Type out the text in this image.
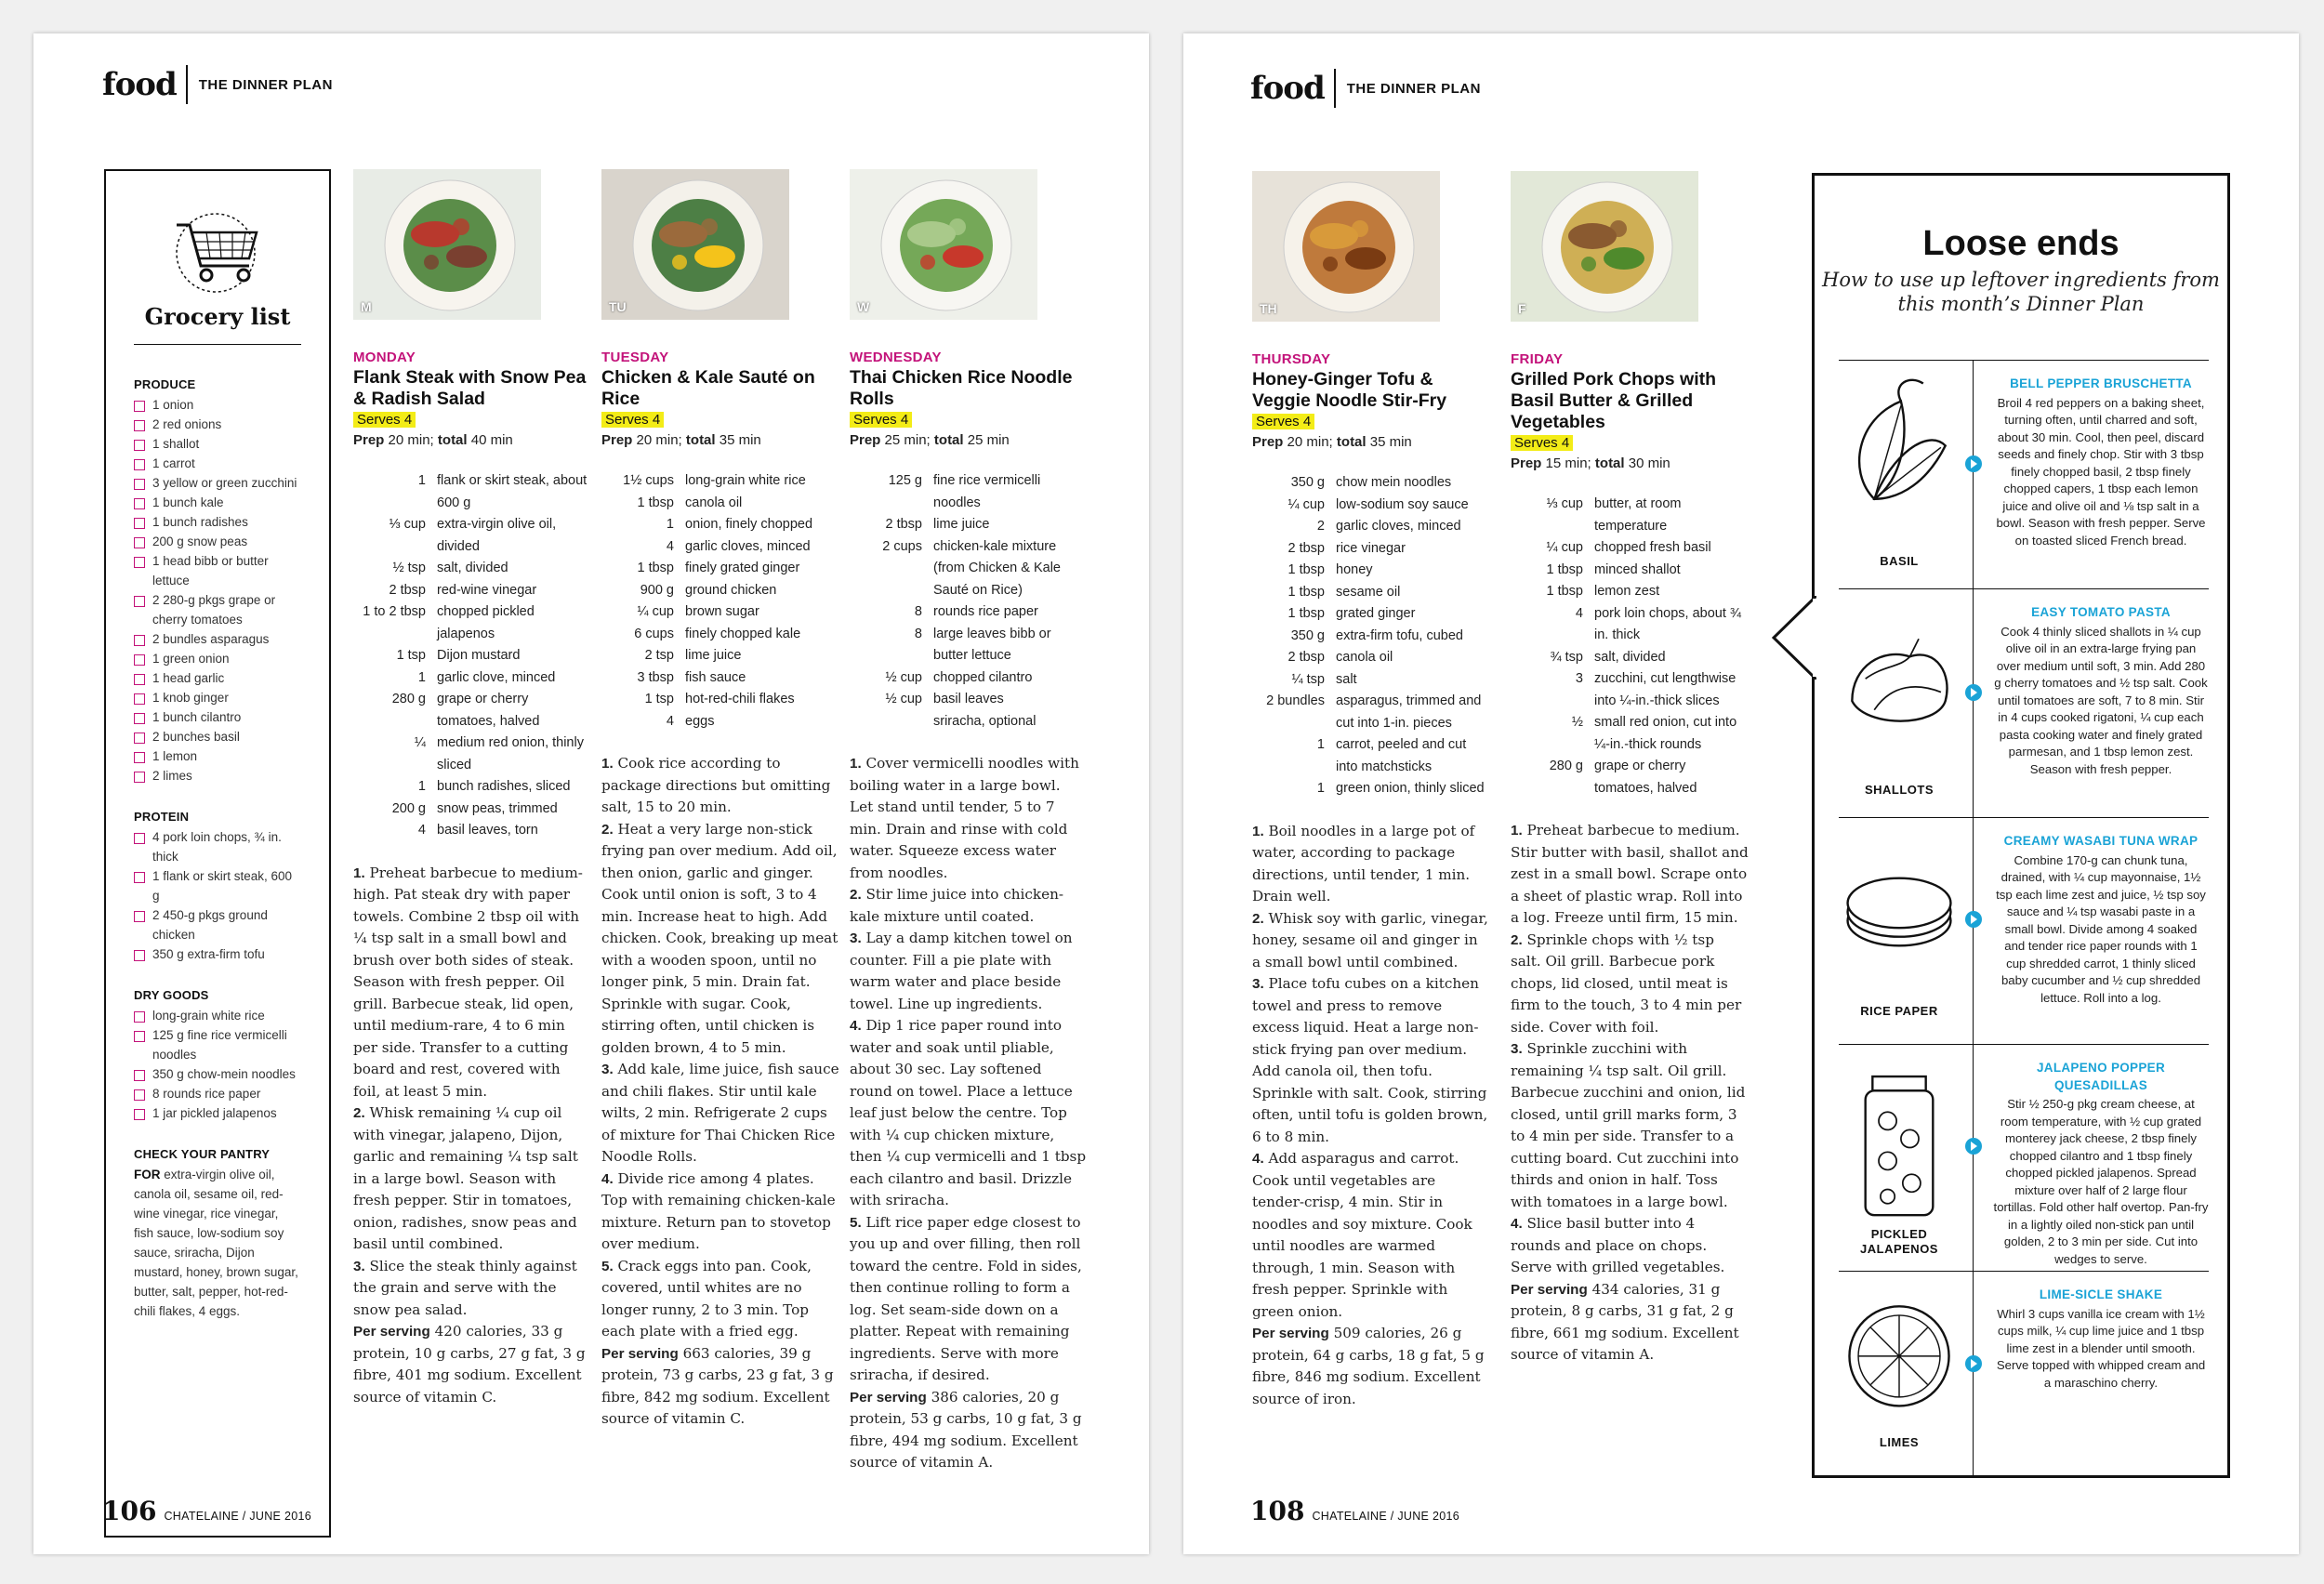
food THE DINNER PLAN
Grocery list
PRODUCE
1 onion
2 red onions
1 shallot
1 carrot
3 yellow or green zucchini
1 bunch kale
1 bunch radishes
200 g snow peas
1 head bibb or butter lettuce
2 280-g pkgs grape or cherry tomatoes
2 bundles asparagus
1 green onion
1 head garlic
1 knob ginger
1 bunch cilantro
2 bunches basil
1 lemon
2 limes
PROTEIN
4 pork loin chops, ¾ in. thick
1 flank or skirt steak, 600 g
2 450-g pkgs ground chicken
350 g extra-firm tofu
DRY GOODS
long-grain white rice
125 g fine rice vermicelli noodles
350 g chow-mein noodles
8 rounds rice paper
1 jar pickled jalapenos
CHECK YOUR PANTRY
FOR extra-virgin olive oil, canola oil, sesame oil, red-wine vinegar, rice vinegar, fish sauce, low-sodium soy sauce, sriracha, Dijon mustard, honey, brown sugar, butter, salt, pepper, hot-red-chili flakes, 4 eggs.
M
MONDAY
Flank Steak with Snow Pea & Radish Salad
Serves 4
Prep 20 min; total 40 min
1 flank or skirt steak, about 600 g
⅓ cup extra-virgin olive oil, divided
½ tsp salt, divided
2 tbsp red-wine vinegar
1 to 2 tbsp chopped pickled jalapenos
1 tsp Dijon mustard
1 garlic clove, minced
280 g grape or cherry tomatoes, halved
¼ medium red onion, thinly sliced
1 bunch radishes, sliced
200 g snow peas, trimmed
4 basil leaves, torn
1. Preheat barbecue to medium-high. Pat steak dry with paper towels. Combine 2 tbsp oil with ¼ tsp salt in a small bowl and brush over both sides of steak. Season with fresh pepper. Oil grill. Barbecue steak, lid open, until medium-rare, 4 to 6 min per side. Transfer to a cutting board and rest, covered with foil, at least 5 min.
2. Whisk remaining ¼ cup oil with vinegar, jalapeno, Dijon, garlic and remaining ¼ tsp salt in a large bowl. Season with fresh pepper. Stir in tomatoes, onion, radishes, snow peas and basil until combined.
3. Slice the steak thinly against the grain and serve with the snow pea salad.
Per serving 420 calories, 33 g protein, 10 g carbs, 27 g fat, 3 g fibre, 401 mg sodium. Excellent source of vitamin C.
TU
TUESDAY
Chicken & Kale Sauté on Rice
Serves 4
Prep 20 min; total 35 min
1½ cups long-grain white rice
1 tbsp canola oil
1 onion, finely chopped
4 garlic cloves, minced
1 tbsp finely grated ginger
900 g ground chicken
¼ cup brown sugar
6 cups finely chopped kale
2 tsp lime juice
3 tbsp fish sauce
1 tsp hot-red-chili flakes
4 eggs
1. Cook rice according to package directions but omitting salt, 15 to 20 min.
2. Heat a very large non-stick frying pan over medium. Add oil, then onion, garlic and ginger. Cook until onion is soft, 3 to 4 min. Increase heat to high. Add chicken. Cook, breaking up meat with a wooden spoon, until no longer pink, 5 min. Drain fat. Sprinkle with sugar. Cook, stirring often, until chicken is golden brown, 4 to 5 min.
3. Add kale, lime juice, fish sauce and chili flakes. Stir until kale wilts, 2 min. Refrigerate 2 cups of mixture for Thai Chicken Rice Noodle Rolls.
4. Divide rice among 4 plates. Top with remaining chicken-kale mixture. Return pan to stovetop over medium.
5. Crack eggs into pan. Cook, covered, until whites are no longer runny, 2 to 3 min. Top each plate with a fried egg.
Per serving 663 calories, 39 g protein, 73 g carbs, 23 g fat, 3 g fibre, 842 mg sodium. Excellent source of vitamin C.
W
WEDNESDAY
Thai Chicken Rice Noodle Rolls
Serves 4
Prep 25 min; total 25 min
125 g fine rice vermicelli noodles
2 tbsp lime juice
2 cups chicken-kale mixture (from Chicken & Kale Sauté on Rice)
8 rounds rice paper
8 large leaves bibb or butter lettuce
½ cup chopped cilantro
½ cup basil leaves
sriracha, optional
1. Cover vermicelli noodles with boiling water in a large bowl. Let stand until tender, 5 to 7 min. Drain and rinse with cold water. Squeeze excess water from noodles.
2. Stir lime juice into chicken-kale mixture until coated.
3. Lay a damp kitchen towel on counter. Fill a pie plate with warm water and place beside towel. Line up ingredients.
4. Dip 1 rice paper round into water and soak until pliable, about 30 sec. Lay softened round on towel. Place a lettuce leaf just below the centre. Top with ¼ cup chicken mixture, then ¼ cup vermicelli and 1 tbsp each cilantro and basil. Drizzle with sriracha.
5. Lift rice paper edge closest to you up and over filling, then roll toward the centre. Fold in sides, then continue rolling to form a log. Set seam-side down on a platter. Repeat with remaining ingredients. Serve with more sriracha, if desired.
Per serving 386 calories, 20 g protein, 53 g carbs, 10 g fat, 3 g fibre, 494 mg sodium. Excellent source of vitamin A.
106 CHATELAINE / JUNE 2016
food THE DINNER PLAN
TH
THURSDAY
Honey-Ginger Tofu & Veggie Noodle Stir-Fry
Serves 4
Prep 20 min; total 35 min
350 g chow mein noodles
¼ cup low-sodium soy sauce
2 garlic cloves, minced
2 tbsp rice vinegar
1 tbsp honey
1 tbsp sesame oil
1 tbsp grated ginger
350 g extra-firm tofu, cubed
2 tbsp canola oil
¼ tsp salt
2 bundles asparagus, trimmed and cut into 1-in. pieces
1 carrot, peeled and cut into matchsticks
1 green onion, thinly sliced
1. Boil noodles in a large pot of water, according to package directions, until tender, 1 min. Drain well.
2. Whisk soy with garlic, vinegar, honey, sesame oil and ginger in a small bowl until combined.
3. Place tofu cubes on a kitchen towel and press to remove excess liquid. Heat a large non-stick frying pan over medium. Add canola oil, then tofu. Sprinkle with salt. Cook, stirring often, until tofu is golden brown, 6 to 8 min.
4. Add asparagus and carrot. Cook until vegetables are tender-crisp, 4 min. Stir in noodles and soy mixture. Cook until noodles are warmed through, 1 min. Season with fresh pepper. Sprinkle with green onion.
Per serving 509 calories, 26 g protein, 64 g carbs, 18 g fat, 5 g fibre, 846 mg sodium. Excellent source of iron.
F
FRIDAY
Grilled Pork Chops with Basil Butter & Grilled Vegetables
Serves 4
Prep 15 min; total 30 min
⅓ cup butter, at room temperature
¼ cup chopped fresh basil
1 tbsp minced shallot
1 tbsp lemon zest
4 pork loin chops, about ¾ in. thick
¾ tsp salt, divided
3 zucchini, cut lengthwise into ¼-in.-thick slices
½ small red onion, cut into ¼-in.-thick rounds
280 g grape or cherry tomatoes, halved
1. Preheat barbecue to medium. Stir butter with basil, shallot and zest in a small bowl. Scrape onto a sheet of plastic wrap. Roll into a log. Freeze until firm, 15 min.
2. Sprinkle chops with ½ tsp salt. Oil grill. Barbecue pork chops, lid closed, until meat is firm to the touch, 3 to 4 min per side. Cover with foil.
3. Sprinkle zucchini with remaining ¼ tsp salt. Oil grill. Barbecue zucchini and onion, lid closed, until grill marks form, 3 to 4 min per side. Transfer to a cutting board. Cut zucchini into thirds and onion in half. Toss with tomatoes in a large bowl.
4. Slice basil butter into 4 rounds and place on chops. Serve with grilled vegetables.
Per serving 434 calories, 31 g protein, 8 g carbs, 31 g fat, 2 g fibre, 661 mg sodium. Excellent source of vitamin A.
Loose ends
How to use up leftover ingredients from this month’s Dinner Plan
BASIL
BELL PEPPER BRUSCHETTA
Broil 4 red peppers on a baking sheet, turning often, until charred and soft, about 30 min. Cool, then peel, discard seeds and finely chop. Stir with 3 tbsp finely chopped basil, 2 tbsp finely chopped capers, 1 tbsp each lemon juice and olive oil and ⅛ tsp salt in a bowl. Season with fresh pepper. Serve on toasted sliced French bread.
SHALLOTS
EASY TOMATO PASTA
Cook 4 thinly sliced shallots in ¼ cup olive oil in an extra-large frying pan over medium until soft, 3 min. Add 280 g cherry tomatoes and ½ tsp salt. Cook until tomatoes are soft, 7 to 8 min. Stir in 4 cups cooked rigatoni, ¼ cup each pasta cooking water and finely grated parmesan, and 1 tbsp lemon zest. Season with fresh pepper.
RICE PAPER
CREAMY WASABI TUNA WRAP
Combine 170-g can chunk tuna, drained, with ¼ cup mayonnaise, 1½ tsp each lime zest and juice, ½ tsp soy sauce and ¼ tsp wasabi paste in a small bowl. Divide among 4 soaked and tender rice paper rounds with 1 cup shredded carrot, 1 thinly sliced baby cucumber and ½ cup shredded lettuce. Roll into a log.
PICKLED JALAPENOS
JALAPENO POPPER QUESADILLAS
Stir ½ 250-g pkg cream cheese, at room temperature, with ½ cup grated monterey jack cheese, 2 tbsp finely chopped cilantro and 1 tbsp finely chopped pickled jalapenos. Spread mixture over half of 2 large flour tortillas. Fold other half overtop. Pan-fry in a lightly oiled non-stick pan until golden, 2 to 3 min per side. Cut into wedges to serve.
LIMES
LIME-SICLE SHAKE
Whirl 3 cups vanilla ice cream with 1½ cups milk, ¼ cup lime juice and 1 tbsp lime zest in a blender until smooth. Serve topped with whipped cream and a maraschino cherry.
108 CHATELAINE / JUNE 2016
